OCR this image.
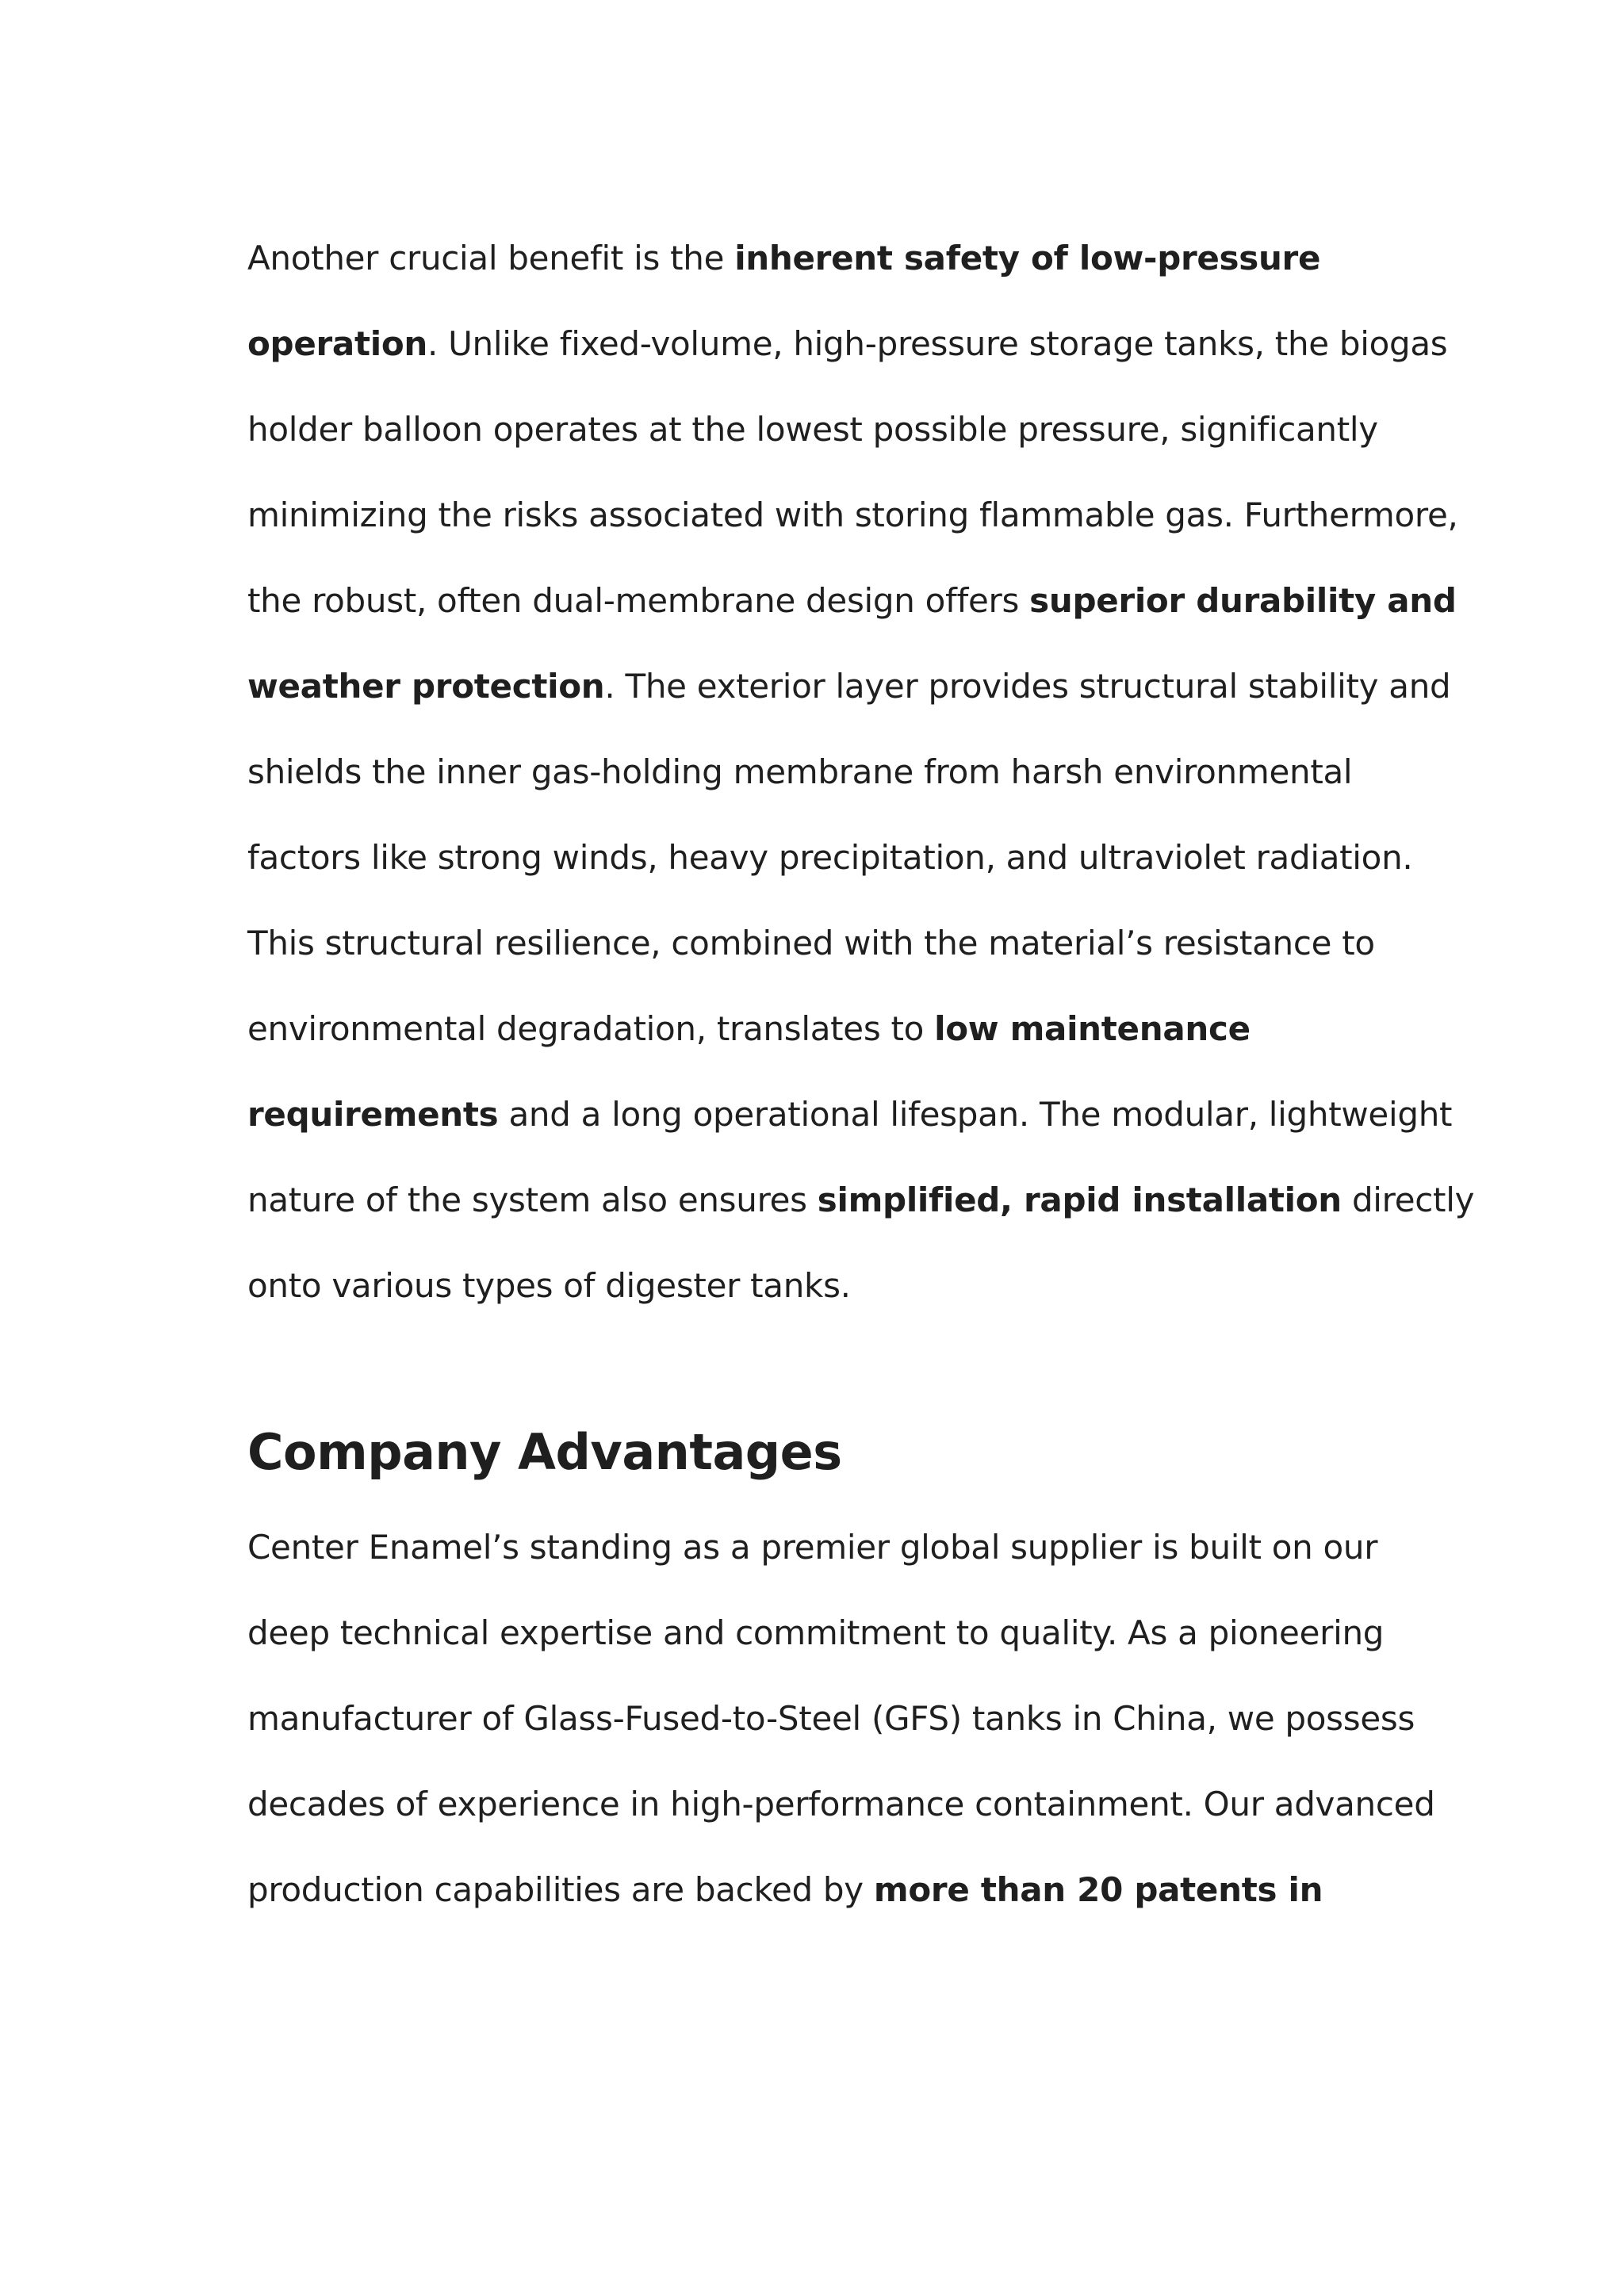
Another crucial benefit is the inherent safety of low-pressure
operation. Unlike fixed-volume, high-pressure storage tanks, the biogas
holder balloon operates at the lowest possible pressure, significantly
minimizing the risks associated with storing flammable gas. Furthermore,
the robust, often dual-membrane design offers superior durability and
weather protection. The exterior layer provides structural stability and
shields the inner gas-holding membrane from harsh environmental
factors like strong winds, heavy precipitation, and ultraviolet radiation.
This structural resilience, combined with the material’s resistance to
environmental degradation, translates to low maintenance
requirements and a long operational lifespan. The modular, lightweight
nature of the system also ensures simplified, rapid installation directly
onto various types of digester tanks.
Company Advantages
Center Enamel’s standing as a premier global supplier is built on our
deep technical expertise and commitment to quality. As a pioneering
manufacturer of Glass-Fused-to-Steel (GFS) tanks in China, we possess
decades of experience in high-performance containment. Our advanced
production capabilities are backed by more than 20 patents in
